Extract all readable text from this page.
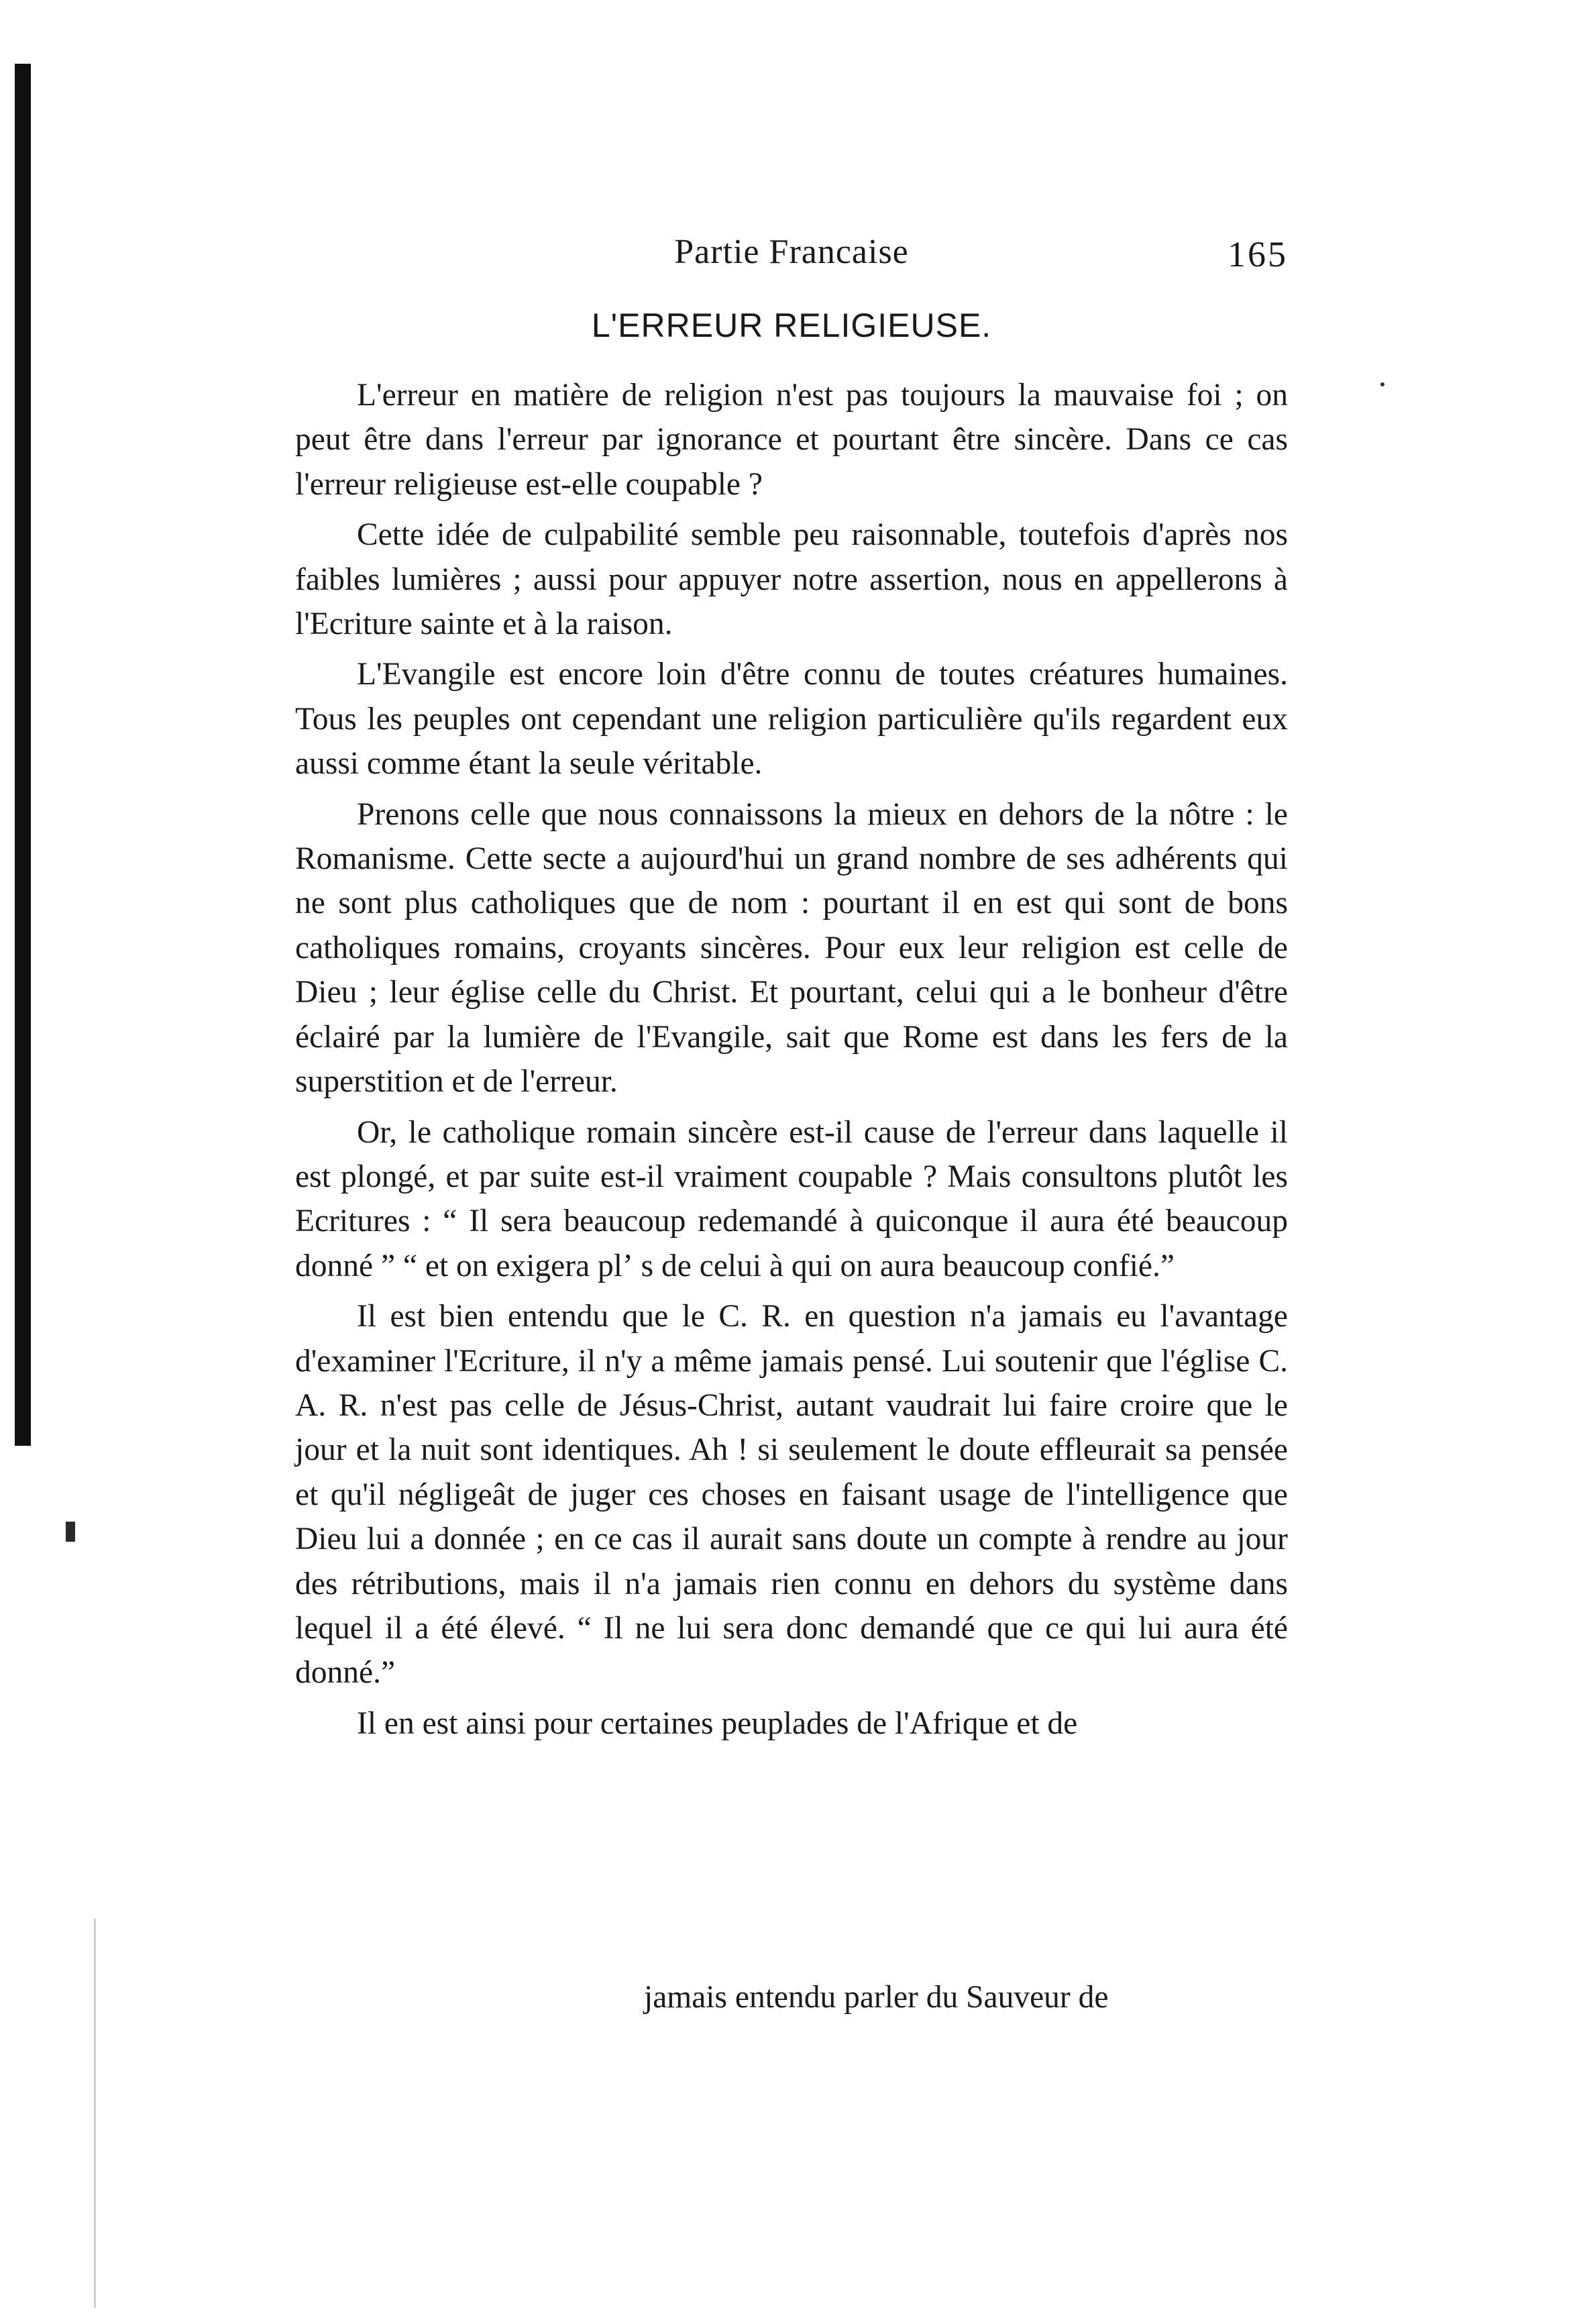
Partie Francaise	165
L'ERREUR RELIGIEUSE.

L'erreur en matière de religion n'est pas toujours la mauvaise foi ; on peut être dans l'erreur par ignorance et pourtant être sincère. Dans ce cas l'erreur religieuse est-elle coupable ?

Cette idée de culpabilité semble peu raisonnable, toutefois d'après nos faibles lumières ; aussi pour appuyer notre assertion, nous en appellerons à l'Ecriture sainte et à la raison.

L'Evangile est encore loin d'être connu de toutes créatures humaines. Tous les peuples ont cependant une religion particulière qu'ils regardent eux aussi comme étant la seule véritable.

Prenons celle que nous connaissons la mieux en dehors de la nôtre : le Romanisme. Cette secte a aujourd'hui un grand nombre de ses adhérents qui ne sont plus catholiques que de nom : pourtant il en est qui sont de bons catholiques romains, croyants sincères. Pour eux leur religion est celle de Dieu ; leur église celle du Christ. Et pourtant, celui qui a le bonheur d'être éclairé par la lumière de l'Evangile, sait que Rome est dans les fers de la superstition et de l'erreur.

Or, le catholique romain sincère est-il cause de l'erreur dans laquelle il est plongé, et par suite est-il vraiment coupable ? Mais consultons plutôt les Ecritures : “ Il sera beaucoup redemandé à quiconque il aura été beaucoup donné ” “ et on exigera plʼ s de celui à qui on aura beaucoup confié.”

Il est bien entendu que le C. R. en question n'a jamais eu l'avantage d'examiner l'Ecriture, il n'y a même jamais pensé. Lui soutenir que l'église C. A. R. n'est pas celle de Jésus-Christ, autant vaudrait lui faire croire que le jour et la nuit sont identiques. Ah ! si seulement le doute effleurait sa pensée et qu'il négligeât de juger ces choses en faisant usage de l'intelligence que Dieu lui a donnée ; en ce cas il aurait sans doute un compte à rendre au jour des rétributions, mais il n'a jamais rien connu en dehors du système dans lequel il a été élevé. “ Il ne lui sera donc demandé que ce qui lui aura été donné.”

Il en est ainsi pour certaines peuplades de l'Afrique et de

jamais entendu parler du Sauveur de
